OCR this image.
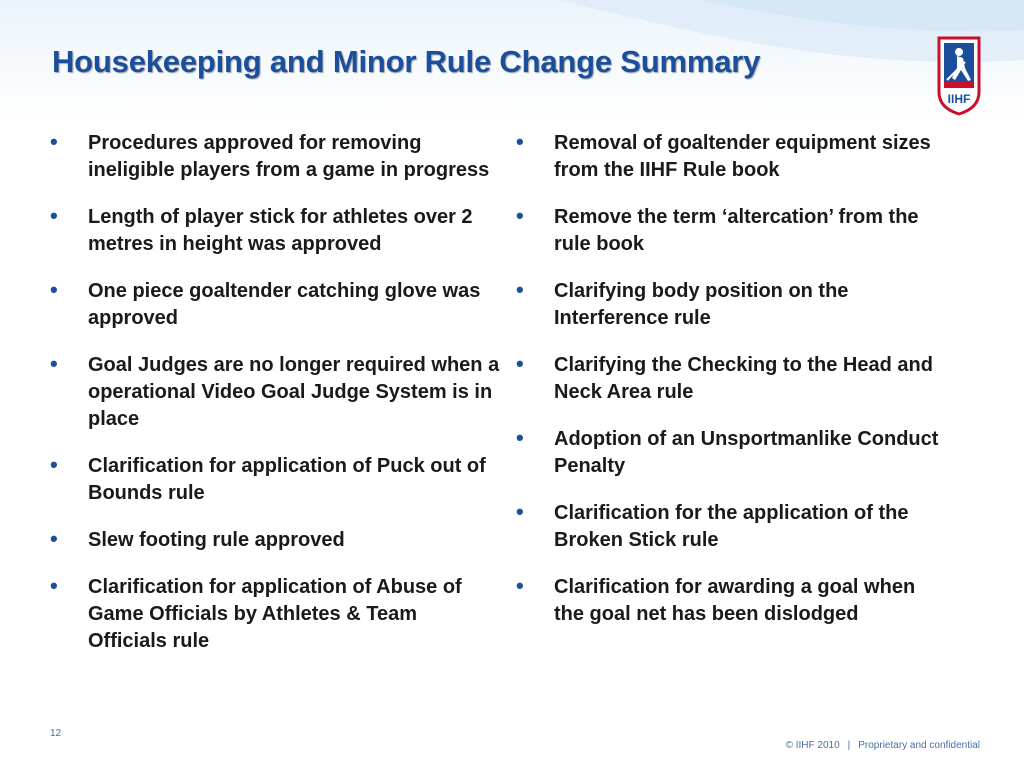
Housekeeping and Minor Rule Change Summary
IIHF
• Procedures approved for removing ineligible players from a game in progress
• Length of player stick for athletes over 2 metres in height was approved
• One piece goaltender catching glove was approved
• Goal Judges are no longer required when a operational Video Goal Judge System is in place
• Clarification for application of Puck out of Bounds rule
• Slew footing rule approved
• Clarification for application of Abuse of Game Officials by Athletes & Team Officials rule
• Removal of goaltender equipment sizes from the IIHF Rule book
• Remove the term ‘altercation’ from the rule book
• Clarifying body position on the Interference rule
• Clarifying the Checking to the Head and Neck Area rule
• Adoption of an Unsportmanlike Conduct Penalty
• Clarification for the application of the Broken Stick rule
• Clarification for awarding a goal when the goal net has been dislodged
12
© IIHF 2010 | Proprietary and confidential
